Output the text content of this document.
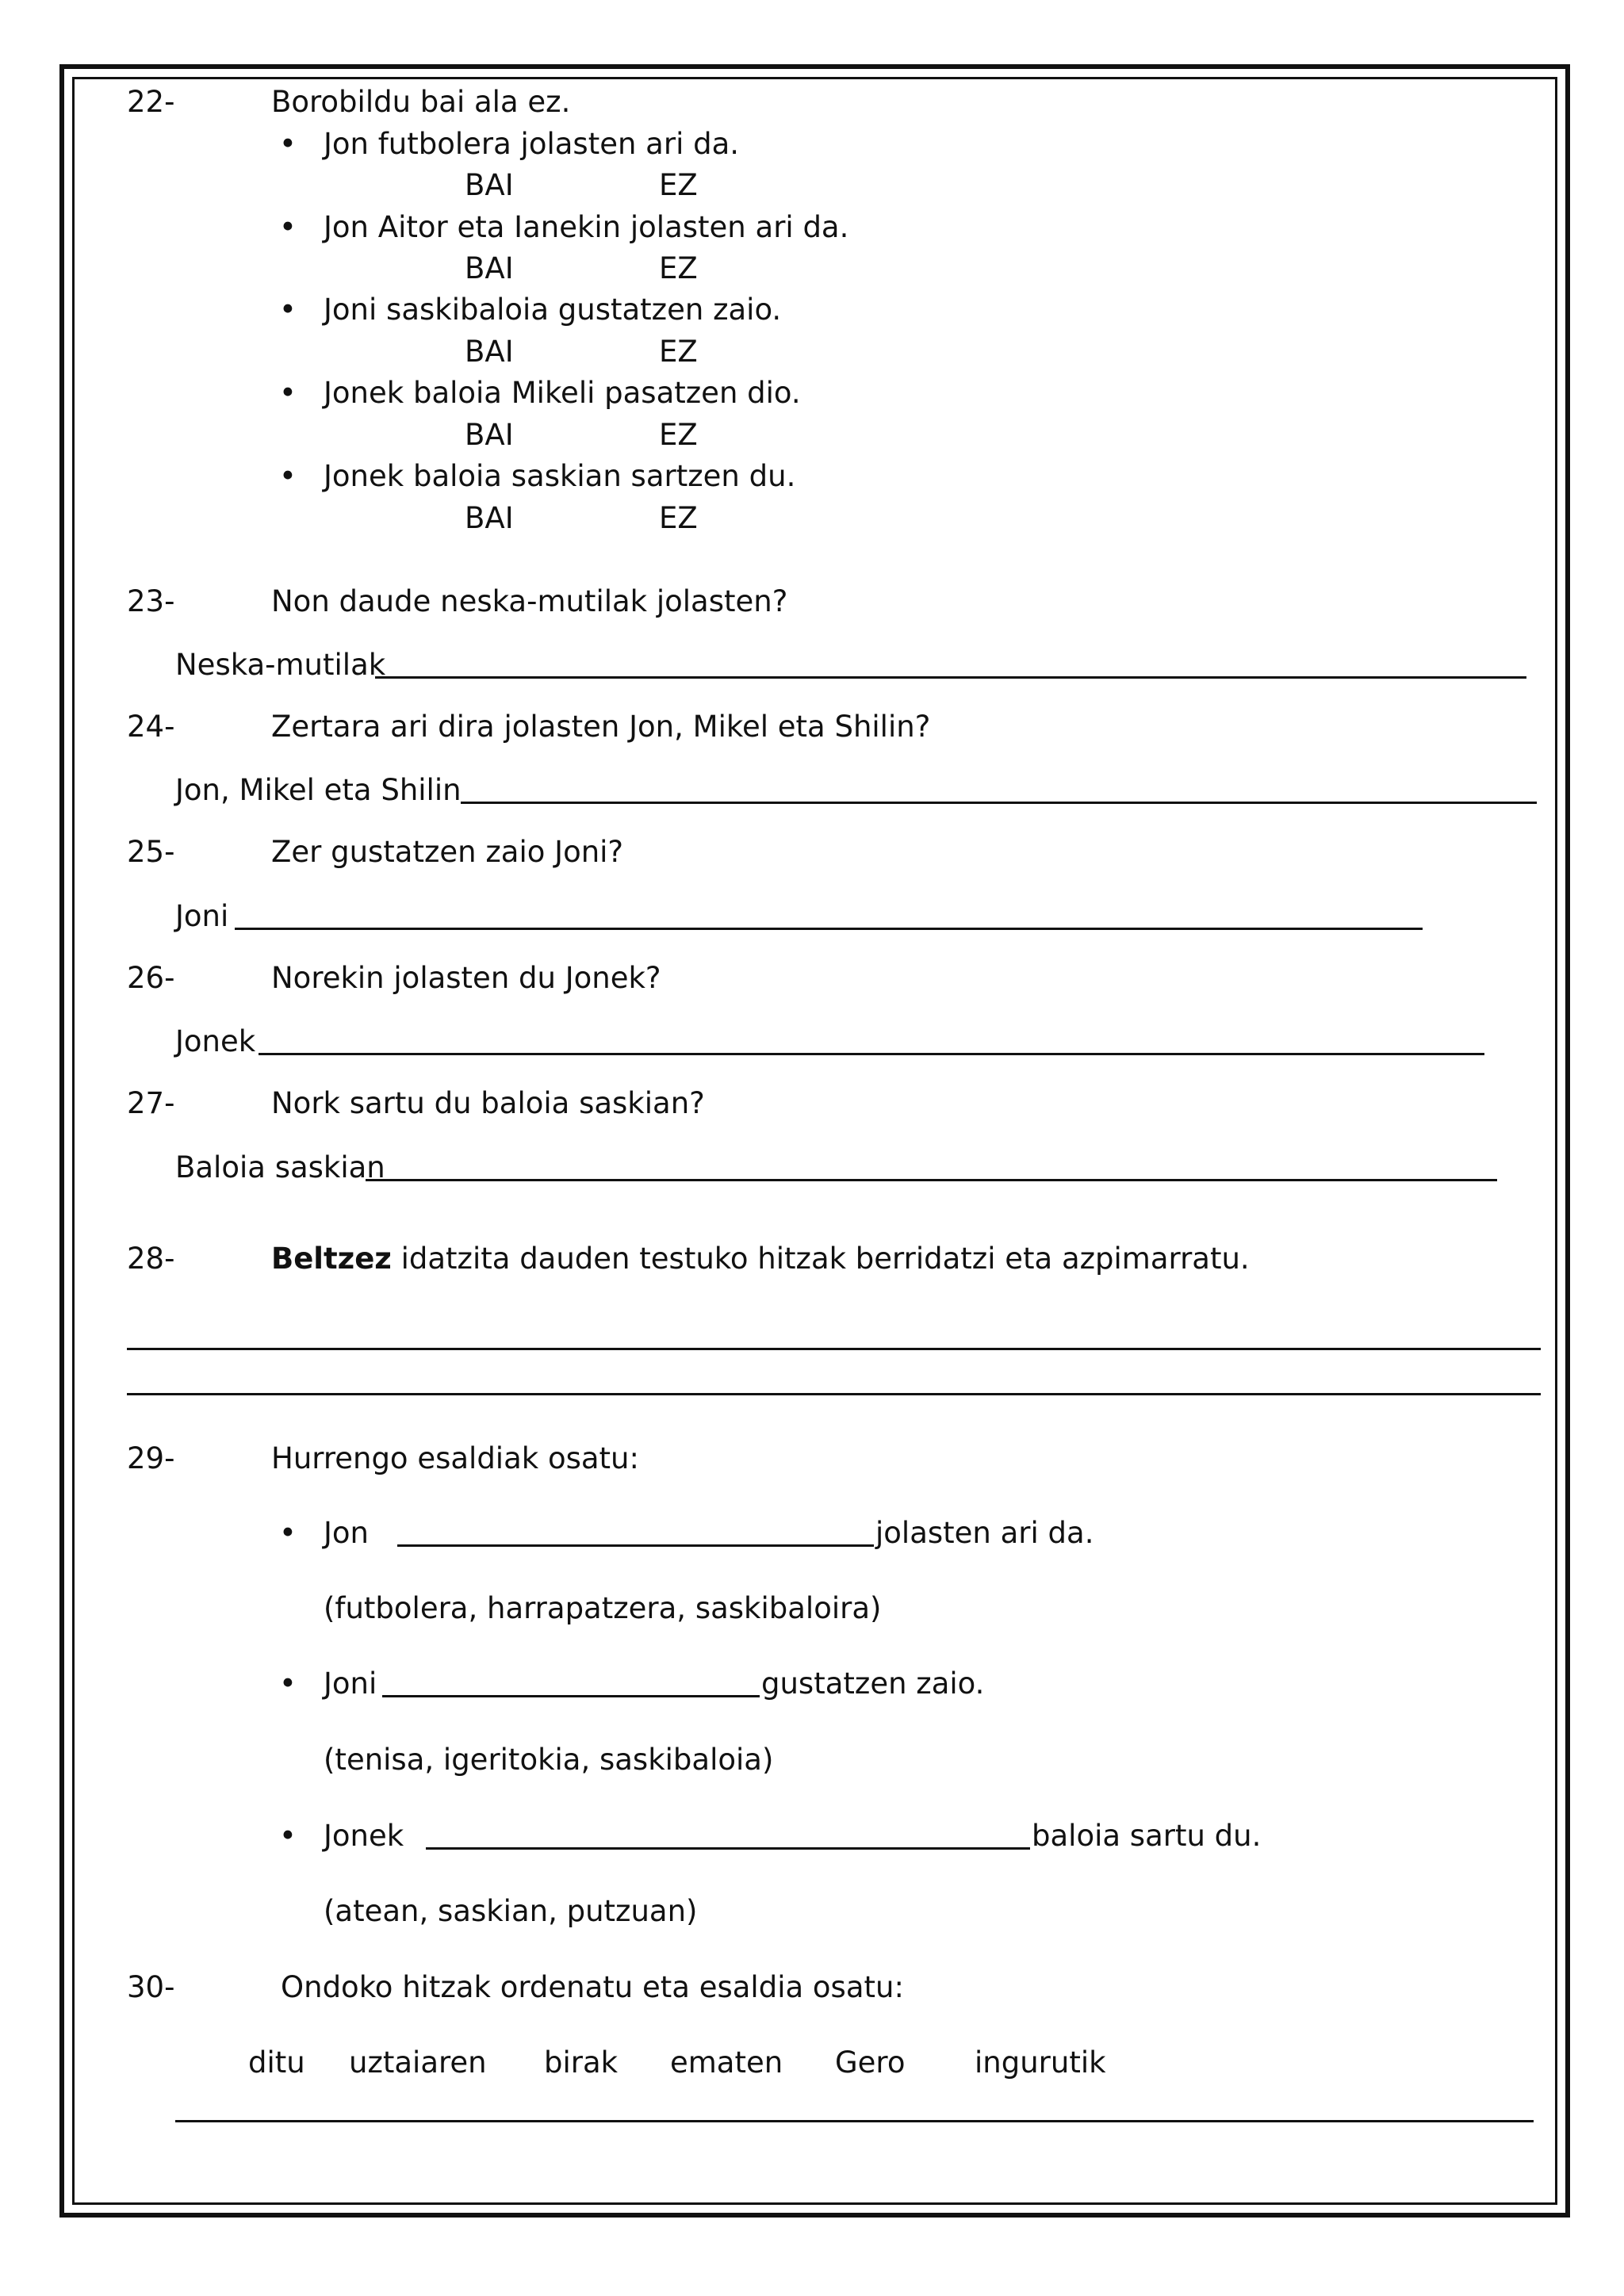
22-	Borobildu bai ala ez.
• Jon futbolera jolasten ari da.
BAI	EZ
• Jon Aitor eta Ianekin jolasten ari da.
BAI	EZ
• Joni saskibaloia gustatzen zaio.
BAI	EZ
• Jonek baloia Mikeli pasatzen dio.
BAI	EZ
• Jonek baloia saskian sartzen du.
BAI	EZ
23-	Non daude neska-mutilak jolasten?
Neska-mutilak
24-	Zertara ari dira jolasten Jon, Mikel eta Shilin?
Jon, Mikel eta Shilin
25-	Zer gustatzen zaio Joni?
Joni
26-	Norekin jolasten du Jonek?
Jonek
27-	Nork sartu du baloia saskian?
Baloia saskian
28-	Beltzez idatzita dauden testuko hitzak berridatzi eta azpimarratu.
29-	Hurrengo esaldiak osatu:
• Jon	jolasten ari da.
(futbolera, harrapatzera, saskibaloira)
• Joni	gustatzen zaio.
(tenisa, igeritokia, saskibaloia)
• Jonek	baloia sartu du.
(atean, saskian, putzuan)
30-	Ondoko hitzak ordenatu eta esaldia osatu:
ditu uztaiaren birak ematen Gero ingurutik
